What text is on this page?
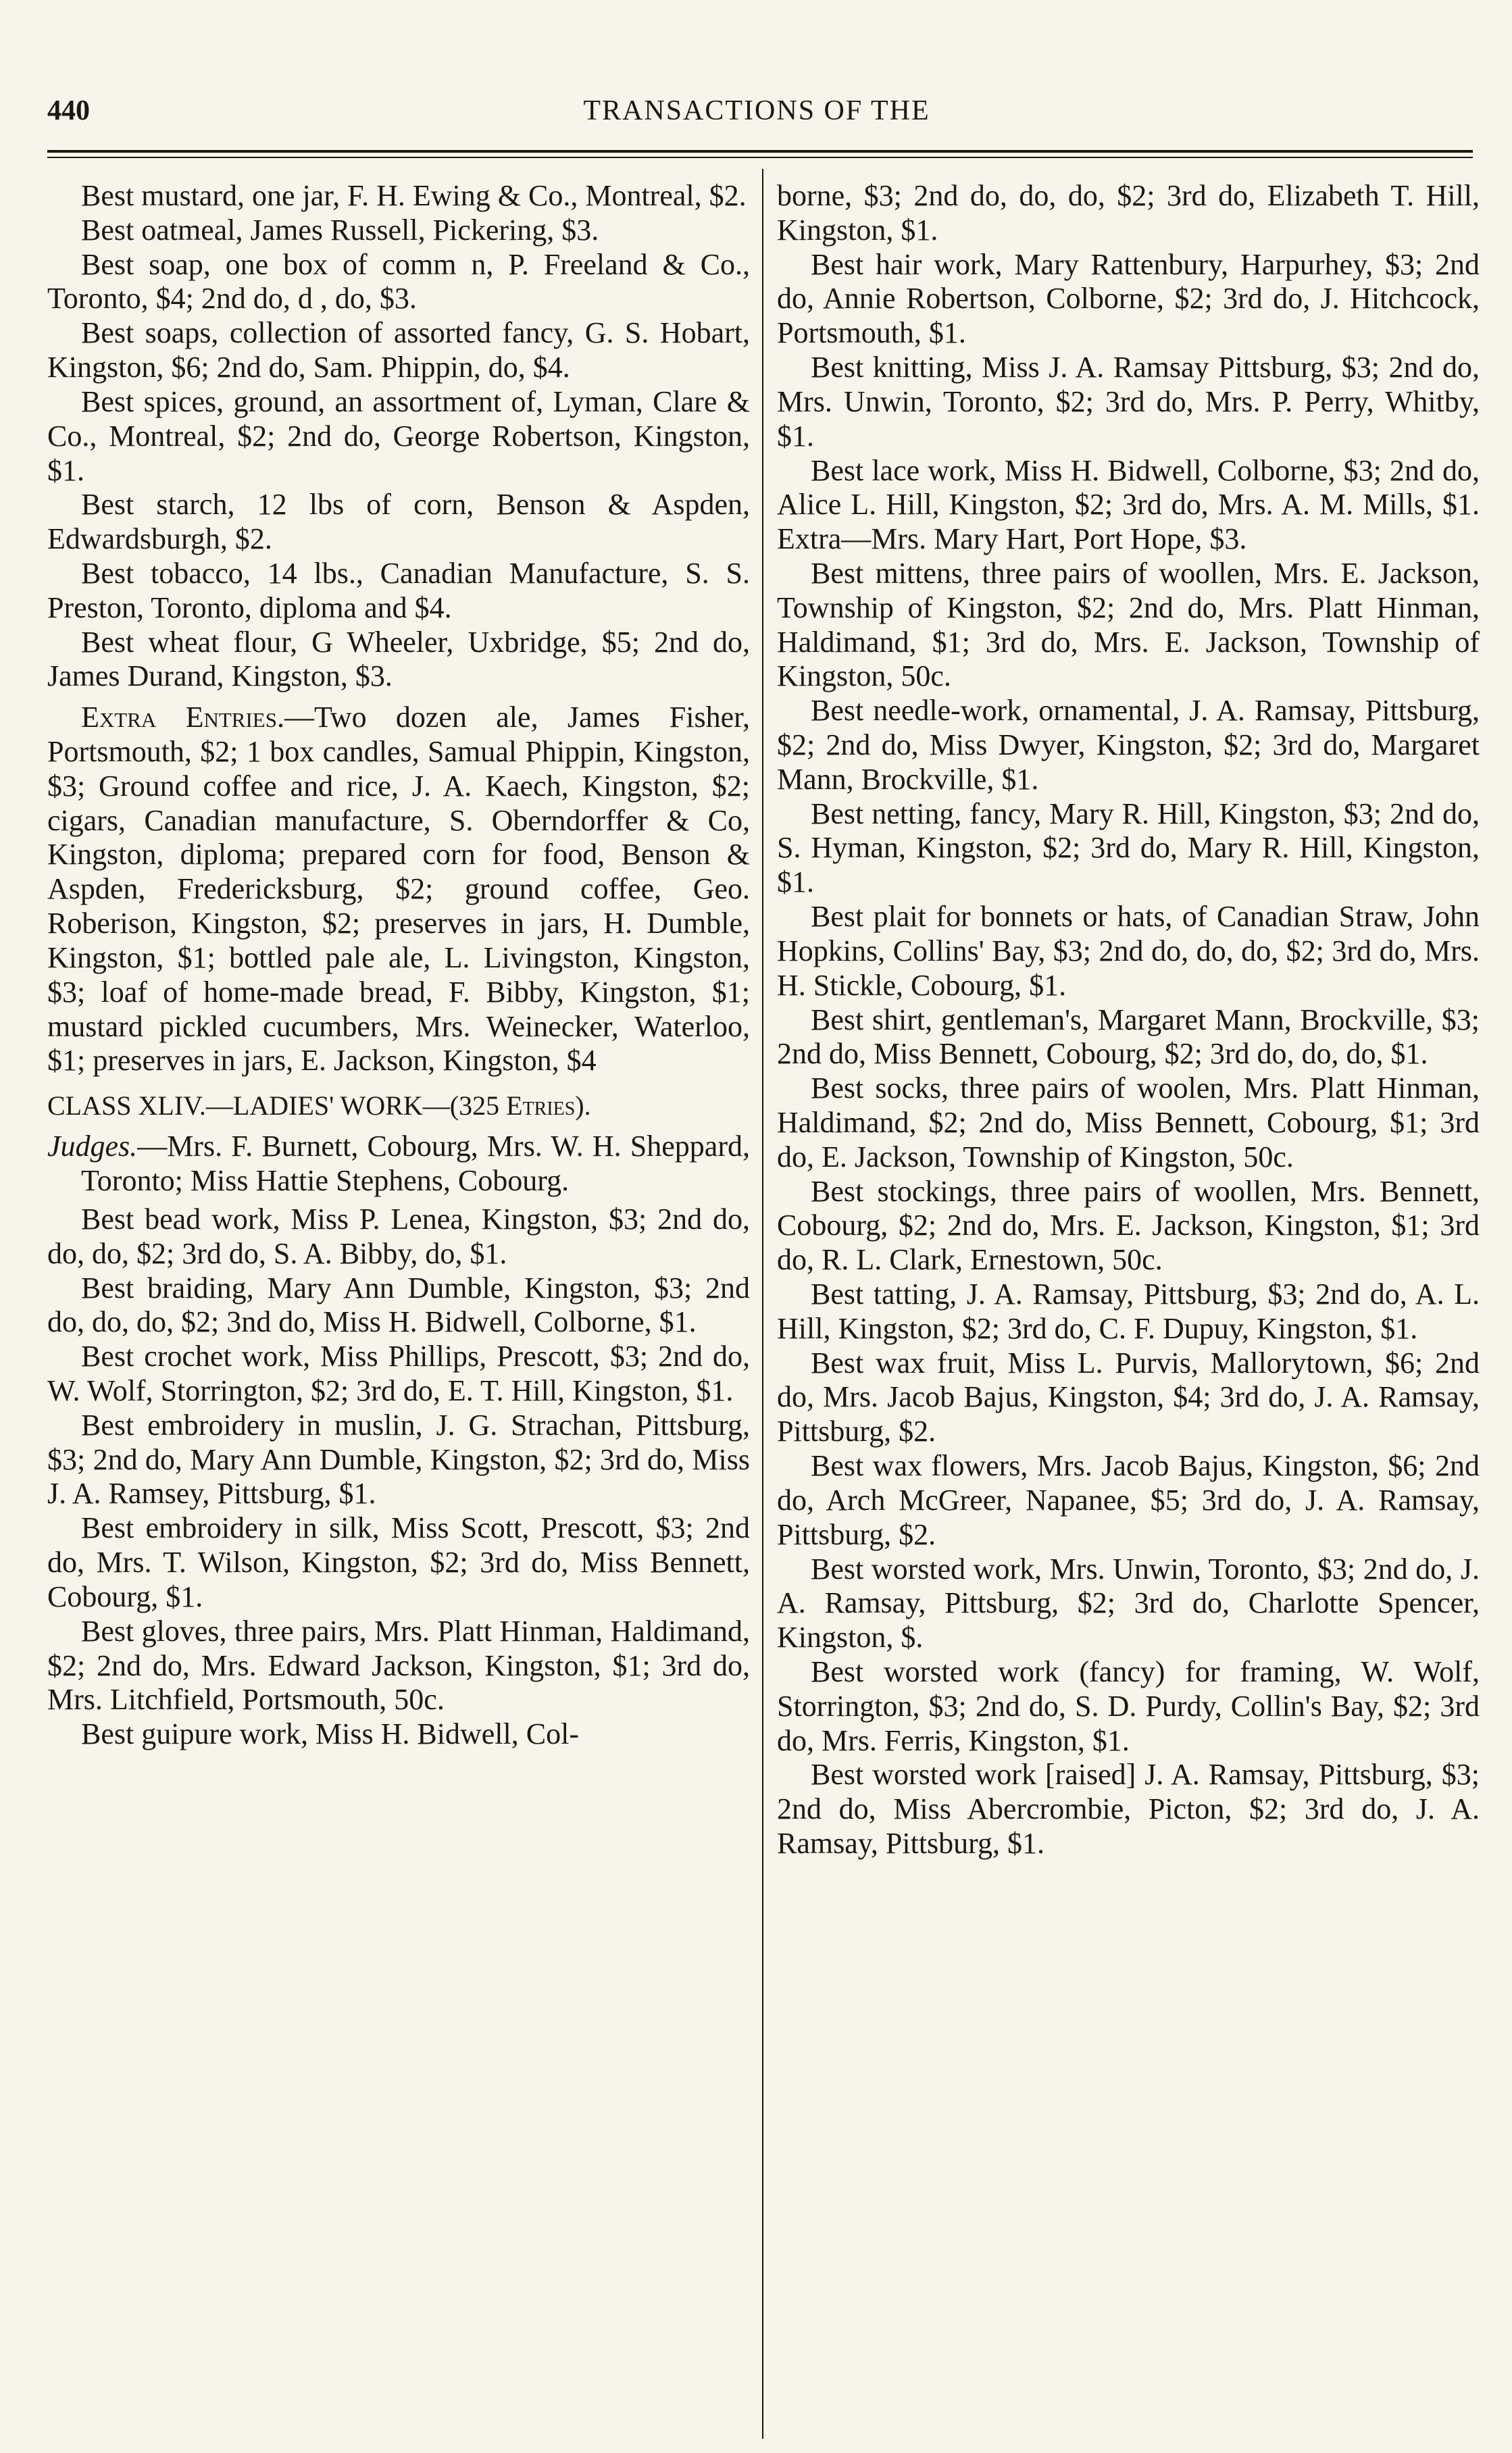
440	TRANSACTIONS OF THE

Best mustard, one jar, F. H. Ewing & Co., Montreal, $2.

Best oatmeal, James Russell, Pickering, $3.

Best soap, one box of comm n, P. Freeland & Co., Toronto, $4; 2nd do, d , do, $3.

Best soaps, collection of assorted fancy, G. S. Hobart, Kingston, $6; 2nd do, Sam. Phippin, do, $4.

Best spices, ground, an assortment of, Lyman, Clare & Co., Montreal, $2; 2nd do, George Robertson, Kingston, $1.

Best starch, 12 lbs of corn, Benson & Aspden, Edwardsburgh, $2.

Best tobacco, 14 lbs., Canadian Manufacture, S. S. Preston, Toronto, diploma and $4.

Best wheat flour, G Wheeler, Uxbridge, $5; 2nd do, James Durand, Kingston, $3.

Extra Entries.—Two dozen ale, James Fisher, Portsmouth, $2; 1 box candles, Samual Phippin, Kingston, $3; Ground coffee and rice, J. A. Kaech, Kingston, $2; cigars, Canadian manufacture, S. Oberndorffer & Co, Kingston, diploma; prepared corn for food, Benson & Aspden, Fredericksburg, $2; ground coffee, Geo. Roberison, Kingston, $2; preserves in jars, H. Dumble, Kingston, $1; bottled pale ale, L. Livingston, Kingston, $3; loaf of home-made bread, F. Bibby, Kingston, $1; mustard pickled cucumbers, Mrs. Weinecker, Waterloo, $1; preserves in jars, E. Jackson, Kingston, $4

CLASS XLIV.—LADIES' WORK—(325 Etries).

Judges.—Mrs. F. Burnett, Cobourg, Mrs. W. H. Sheppard, Toronto; Miss Hattie Stephens, Cobourg.

Best bead work, Miss P. Lenea, Kingston, $3; 2nd do, do, do, $2; 3rd do, S. A. Bibby, do, $1.

Best braiding, Mary Ann Dumble, Kingston, $3; 2nd do, do, do, $2; 3nd do, Miss H. Bidwell, Colborne, $1.

Best crochet work, Miss Phillips, Prescott, $3; 2nd do, W. Wolf, Storrington, $2; 3rd do, E. T. Hill, Kingston, $1.

Best embroidery in muslin, J. G. Strachan, Pittsburg, $3; 2nd do, Mary Ann Dumble, Kingston, $2; 3rd do, Miss J. A. Ramsey, Pittsburg, $1.

Best embroidery in silk, Miss Scott, Prescott, $3; 2nd do, Mrs. T. Wilson, Kingston, $2; 3rd do, Miss Bennett, Cobourg, $1.

Best gloves, three pairs, Mrs. Platt Hinman, Haldimand, $2; 2nd do, Mrs. Edward Jackson, Kingston, $1; 3rd do, Mrs. Litchfield, Portsmouth, 50c.

Best guipure work, Miss H. Bidwell, Col-

borne, $3; 2nd do, do, do, $2; 3rd do, Elizabeth T. Hill, Kingston, $1.

Best hair work, Mary Rattenbury, Harpurhey, $3; 2nd do, Annie Robertson, Colborne, $2; 3rd do, J. Hitchcock, Portsmouth, $1.

Best knitting, Miss J. A. Ramsay Pittsburg, $3; 2nd do, Mrs. Unwin, Toronto, $2; 3rd do, Mrs. P. Perry, Whitby, $1.

Best lace work, Miss H. Bidwell, Colborne, $3; 2nd do, Alice L. Hill, Kingston, $2; 3rd do, Mrs. A. M. Mills, $1. Extra—Mrs. Mary Hart, Port Hope, $3.

Best mittens, three pairs of woollen, Mrs. E. Jackson, Township of Kingston, $2; 2nd do, Mrs. Platt Hinman, Haldimand, $1; 3rd do, Mrs. E. Jackson, Township of Kingston, 50c.

Best needle-work, ornamental, J. A. Ramsay, Pittsburg, $2; 2nd do, Miss Dwyer, Kingston, $2; 3rd do, Margaret Mann, Brockville, $1.

Best netting, fancy, Mary R. Hill, Kingston, $3; 2nd do, S. Hyman, Kingston, $2; 3rd do, Mary R. Hill, Kingston, $1.

Best plait for bonnets or hats, of Canadian Straw, John Hopkins, Collins' Bay, $3; 2nd do, do, do, $2; 3rd do, Mrs. H. Stickle, Cobourg, $1.

Best shirt, gentleman's, Margaret Mann, Brockville, $3; 2nd do, Miss Bennett, Cobourg, $2; 3rd do, do, do, $1.

Best socks, three pairs of woolen, Mrs. Platt Hinman, Haldimand, $2; 2nd do, Miss Bennett, Cobourg, $1; 3rd do, E. Jackson, Township of Kingston, 50c.

Best stockings, three pairs of woollen, Mrs. Bennett, Cobourg, $2; 2nd do, Mrs. E. Jackson, Kingston, $1; 3rd do, R. L. Clark, Ernestown, 50c.

Best tatting, J. A. Ramsay, Pittsburg, $3; 2nd do, A. L. Hill, Kingston, $2; 3rd do, C. F. Dupuy, Kingston, $1.

Best wax fruit, Miss L. Purvis, Mallorytown, $6; 2nd do, Mrs. Jacob Bajus, Kingston, $4; 3rd do, J. A. Ramsay, Pittsburg, $2.

Best wax flowers, Mrs. Jacob Bajus, Kingston, $6; 2nd do, Arch McGreer, Napanee, $5; 3rd do, J. A. Ramsay, Pittsburg, $2.

Best worsted work, Mrs. Unwin, Toronto, $3; 2nd do, J. A. Ramsay, Pittsburg, $2; 3rd do, Charlotte Spencer, Kingston, $.

Best worsted work (fancy) for framing, W. Wolf, Storrington, $3; 2nd do, S. D. Purdy, Collin's Bay, $2; 3rd do, Mrs. Ferris, Kingston, $1.

Best worsted work [raised] J. A. Ramsay, Pittsburg, $3; 2nd do, Miss Abercrombie, Picton, $2; 3rd do, J. A. Ramsay, Pittsburg, $1.
